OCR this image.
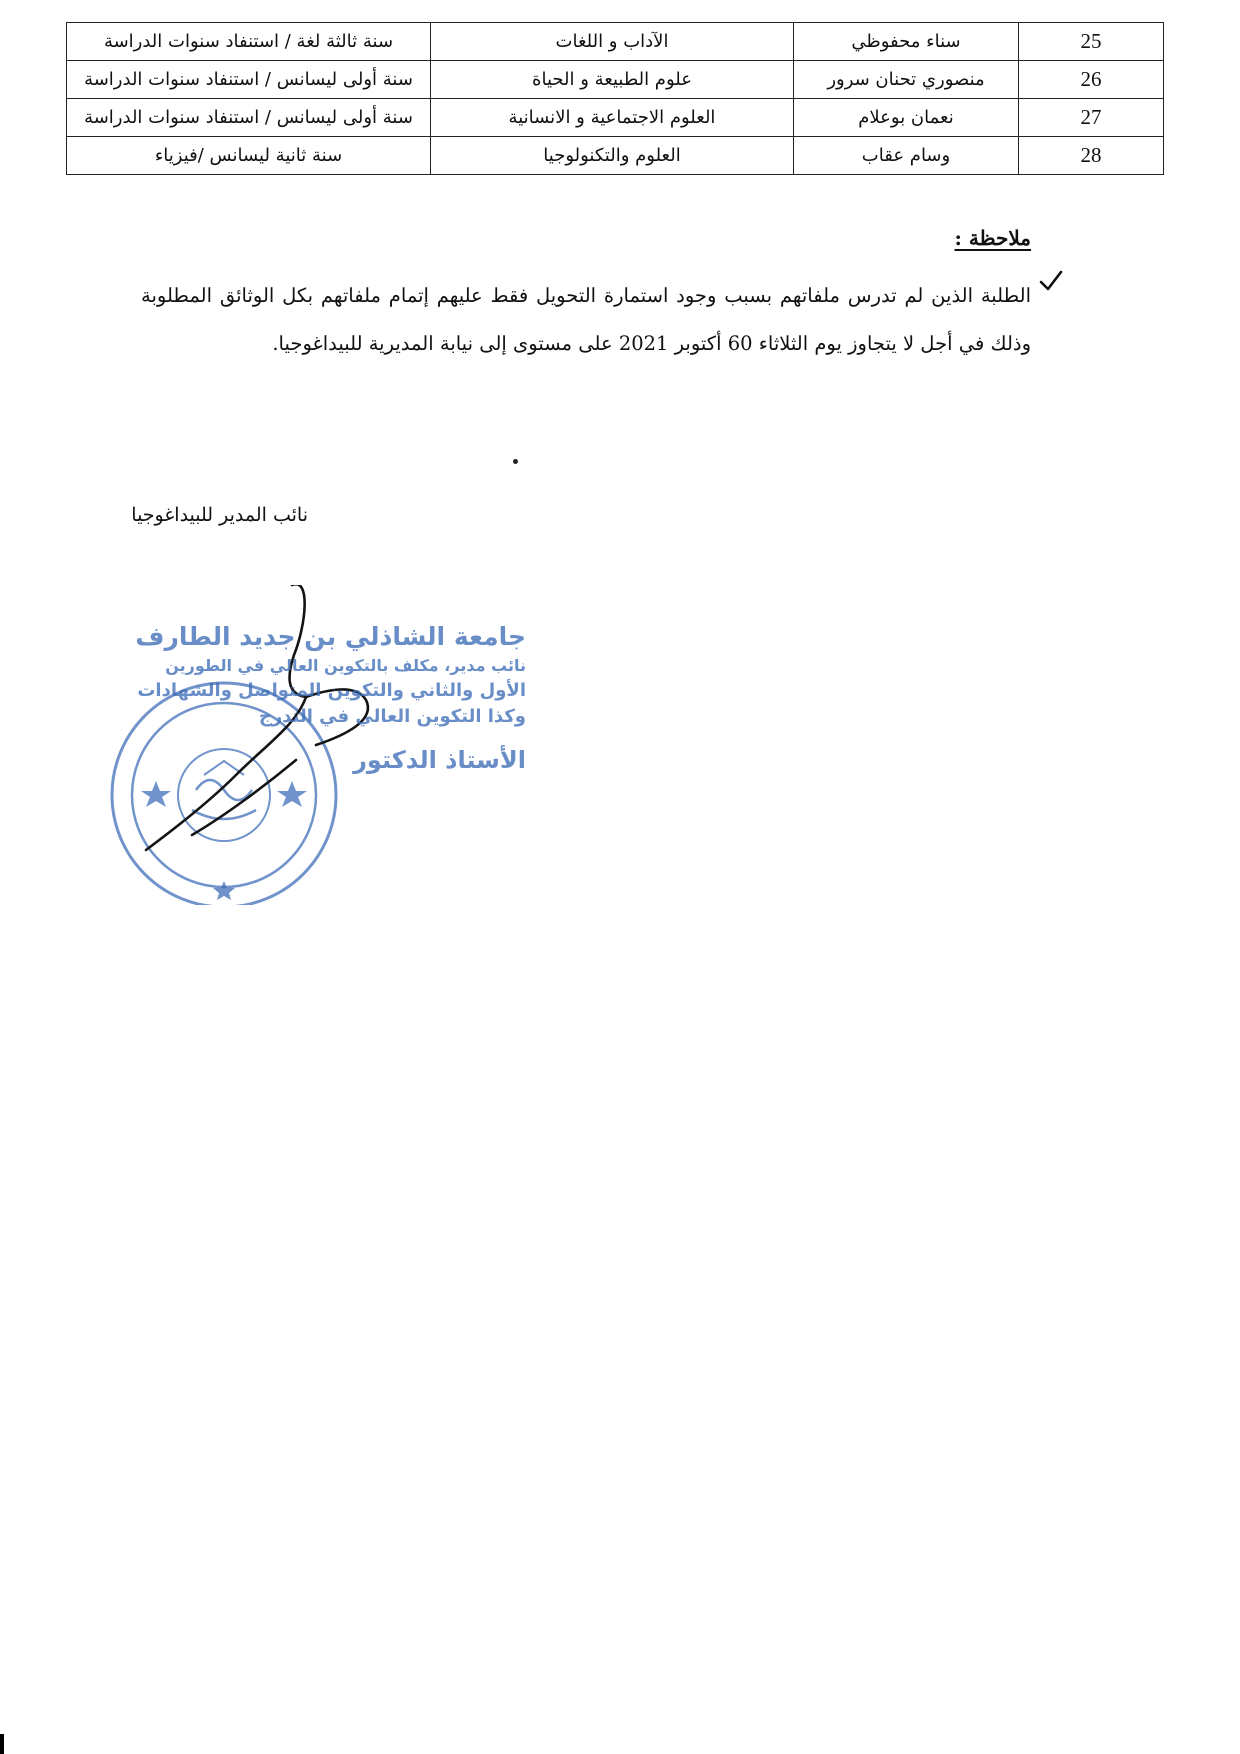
25	سناء محفوظي	الآداب و اللغات	سنة ثالثة لغة / استنفاد سنوات الدراسة
26	منصوري تحنان سرور	علوم الطبيعة و الحياة	سنة أولى ليسانس / استنفاد سنوات الدراسة
27	نعمان بوعلام	العلوم الاجتماعية و الانسانية	سنة أولى ليسانس / استنفاد سنوات الدراسة
28	وسام عقاب	العلوم والتكنولوجيا	سنة ثانية ليسانس /فيزياء
ملاحظة :
الطلبة الذين لم تدرس ملفاتهم بسبب وجود استمارة التحويل فقط عليهم إتمام ملفاتهم بكل الوثائق المطلوبة وذلك في أجل لا يتجاوز يوم الثلاثاء 60 أكتوبر 2021 على مستوى إلى نيابة المديرية للبيداغوجيا.
نائب المدير للبيداغوجيا
جامعة الشاذلي بن جديد الطارف
نائب مدير، مكلف بالتكوين العالي في الطورين
الأول والثاني والتكوين المتواصل والشهادات
وكذا التكوين العالي في التدرج
الأستاذ الدكتور
